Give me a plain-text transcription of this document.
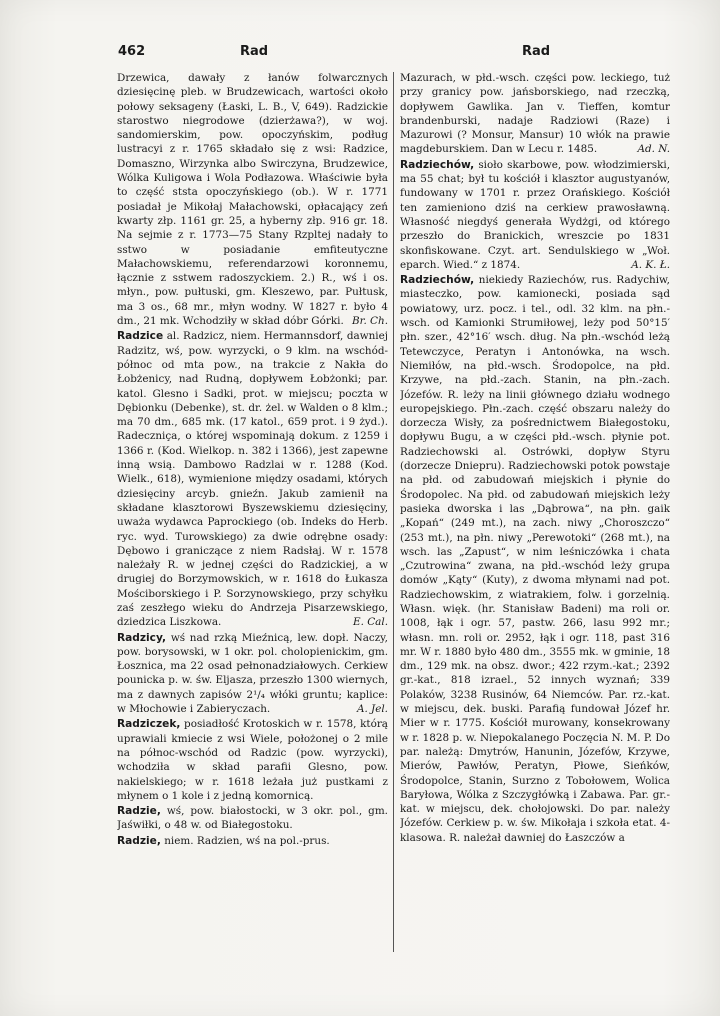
462	Rad	Rad

Drzewica, dawały z łanów folwarcznych dziesięcinę pleb. w Brudzewicach, wartości około połowy seksageny (Łaski, L. B., V, 649). Radzickie starostwo niegrodowe (dzierżawa?), w woj. sandomierskim, pow. opoczyńskim, podług lustracyi z r. 1765 składało się z wsi: Radzice, Domaszno, Wirzynka albo Swirczyna, Brudzewice, Wólka Kuligowa i Wola Podłazowa. Właściwie była to część ststa opoczyńskiego (ob.). W r. 1771 posiadał je Mikołaj Małachowski, opłacający zeń kwarty złp. 1161 gr. 25, a hyberny złp. 916 gr. 18. Na sejmie z r. 1773—75 Stany Rzpltej nadały to sstwo w posiadanie emfiteutyczne Małachowskiemu, referendarzowi koronnemu, łącznie z sstwem radoszyckiem. 2.) R., wś i os. młyn., pow. pułtuski, gm. Kleszewo, par. Pułtusk, ma 3 os., 68 mr., młyn wodny. W 1827 r. było 4 dm., 21 mk. Wchodziły w skład dóbr Górki. Br. Ch.

Radzice al. Radzicz, niem. Hermannsdorf, dawniej Radzitz, wś, pow. wyrzycki, o 9 klm. na wschód-północ od mta pow., na trakcie z Nakła do Łobżenicy, nad Rudną, dopływem Łobżonki; par. katol. Glesno i Sadki, prot. w miejscu; poczta w Dębionku (Debenke), st. dr. żel. w Walden o 8 klm.; ma 70 dm., 685 mk. (17 katol., 659 prot. i 9 żyd.). Radeczniça, o której wspominają dokum. z 1259 i 1366 r. (Kod. Wielkop. n. 382 i 1366), jest zapewne inną wsią. Dambowo Radzlai w r. 1288 (Kod. Wielk., 618), wymienione między osadami, których dziesięciny arcyb. gnieźn. Jakub zamienił na składane klasztorowi Byszewskiemu dziesięciny, uważa wydawca Paprockiego (ob. Indeks do Herb. ryc. wyd. Turowskiego) za dwie odrębne osady: Dębowo i graniczące z niem Radsłaj. W r. 1578 należały R. w jednej części do Radzickiej, a w drugiej do Borzymowskich, w r. 1618 do Łukasza Mościborskiego i P. Sorzynowskiego, przy schyłku zaś zeszłego wieku do Andrzeja Pisarzewskiego, dziedzica Liszkowa.	E. Cal.

Radzicy, wś nad rzką Mieźnicą, lew. dopł. Naczy, pow. borysowski, w 1 okr. pol. cholopienickim, gm. Łosznica, ma 22 osad pełnonadziałowych. Cerkiew pounicka p. w. św. Eljasza, przeszło 1300 wiernych, ma z dawnych zapisów 2¹/₄ włóki gruntu; kaplice: w Młochowie i Zabieryczach.	A. Jel.

Radziczek, posiadłość Krotoskich w r. 1578, którą uprawiali kmiecie z wsi Wiele, położonej o 2 mile na północ-wschód od Radzic (pow. wyrzycki), wchodziła w skład parafii Glesno, pow. nakielskiego; w r. 1618 leżała już pustkami z młynem o 1 kole i z jedną komornicą.

Radzie, wś, pow. białostocki, w 3 okr. pol., gm. Jaświłki, o 48 w. od Białegostoku.

Radzie, niem. Radzien, wś na pol.-prus.

Mazurach, w płd.-wsch. części pow. leckiego, tuż przy granicy pow. jańsborskiego, nad rzeczką, dopływem Gawlika. Jan v. Tieffen, komtur brandenburski, nadaje Radziowi (Raze) i Mazurowi (? Monsur, Mansur) 10 włók na prawie magdeburskiem. Dan w Lecu r. 1485.	Ad. N.

Radziechów, sioło skarbowe, pow. włodzimierski, ma 55 chat; był tu kościół i klasztor augustyanów, fundowany w 1701 r. przez Orańskiego. Kościół ten zamieniono dziś na cerkiew prawosławną. Własność niegdyś generała Wydżgi, od którego przeszło do Branickich, wreszcie po 1831 skonfiskowane. Czyt. art. Sendulskiego w „Woł. eparch. Wied.“ z 1874.	A. K. Ł.

Radziechów, niekiedy Raziechów, rus. Radychiw, miasteczko, pow. kamionecki, posiada sąd powiatowy, urz. pocz. i tel., odl. 32 klm. na płn.-wsch. od Kamionki Strumiłowej, leży pod 50°15′ płn. szer., 42°16′ wsch. dług. Na płn.-wschód leżą Tetewczyce, Peratyn i Antonówka, na wsch. Niemiłów, na płd.-wsch. Środopolce, na płd. Krzywe, na płd.-zach. Stanin, na płn.-zach. Józefów. R. leży na linii głównego działu wodnego europejskiego. Płn.-zach. część obszaru należy do dorzecza Wisły, za pośrednictwem Białegostoku, dopływu Bugu, a w części płd.-wsch. płynie pot. Radziechowski al. Ostrówki, dopływ Styru (dorzecze Dniepru). Radziechowski potok powstaje na płd. od zabudowań miejskich i płynie do Środopolec. Na płd. od zabudowań miejskich leży pasieka dworska i las „Dąbrowa“, na płn. gaik „Kopań“ (249 mt.), na zach. niwy „Choroszczo“ (253 mt.), na płn. niwy „Perewotoki“ (268 mt.), na wsch. las „Zapust“, w nim leśniczówka i chata „Czutrowina“ zwana, na płd.-wschód leży grupa domów „Kąty“ (Kuty), z dwoma młynami nad pot. Radziechowskim, z wiatrakiem, folw. i gorzelnią. Własn. więk. (hr. Stanisław Badeni) ma roli or. 1008, łąk i ogr. 57, pastw. 266, lasu 992 mr.; własn. mn. roli or. 2952, łąk i ogr. 118, past 316 mr. W r. 1880 było 480 dm., 3555 mk. w gminie, 18 dm., 129 mk. na obsz. dwor.; 422 rzym.-kat.; 2392 gr.-kat., 818 izrael., 52 innych wyznań; 339 Polaków, 3238 Rusinów, 64 Niemców. Par. rz.-kat. w miejscu, dek. buski. Parafią fundował Józef hr. Mier w r. 1775. Kościół murowany, konsekrowany w r. 1828 p. w. Niepokalanego Poczęcia N. M. P. Do par. należą: Dmytrów, Hanunin, Józefów, Krzywe, Mierów, Pawłów, Peratyn, Płowe, Sieńków, Środopolce, Stanin, Surzno z Tobołowem, Wolica Baryłowa, Wólka z Szczygłówką i Zabawa. Par. gr.-kat. w miejscu, dek. chołojowski. Do par. należy Józefów. Cerkiew p. w. św. Mikołaja i szkoła etat. 4-klasowa. R. należał dawniej do Łaszczów a
